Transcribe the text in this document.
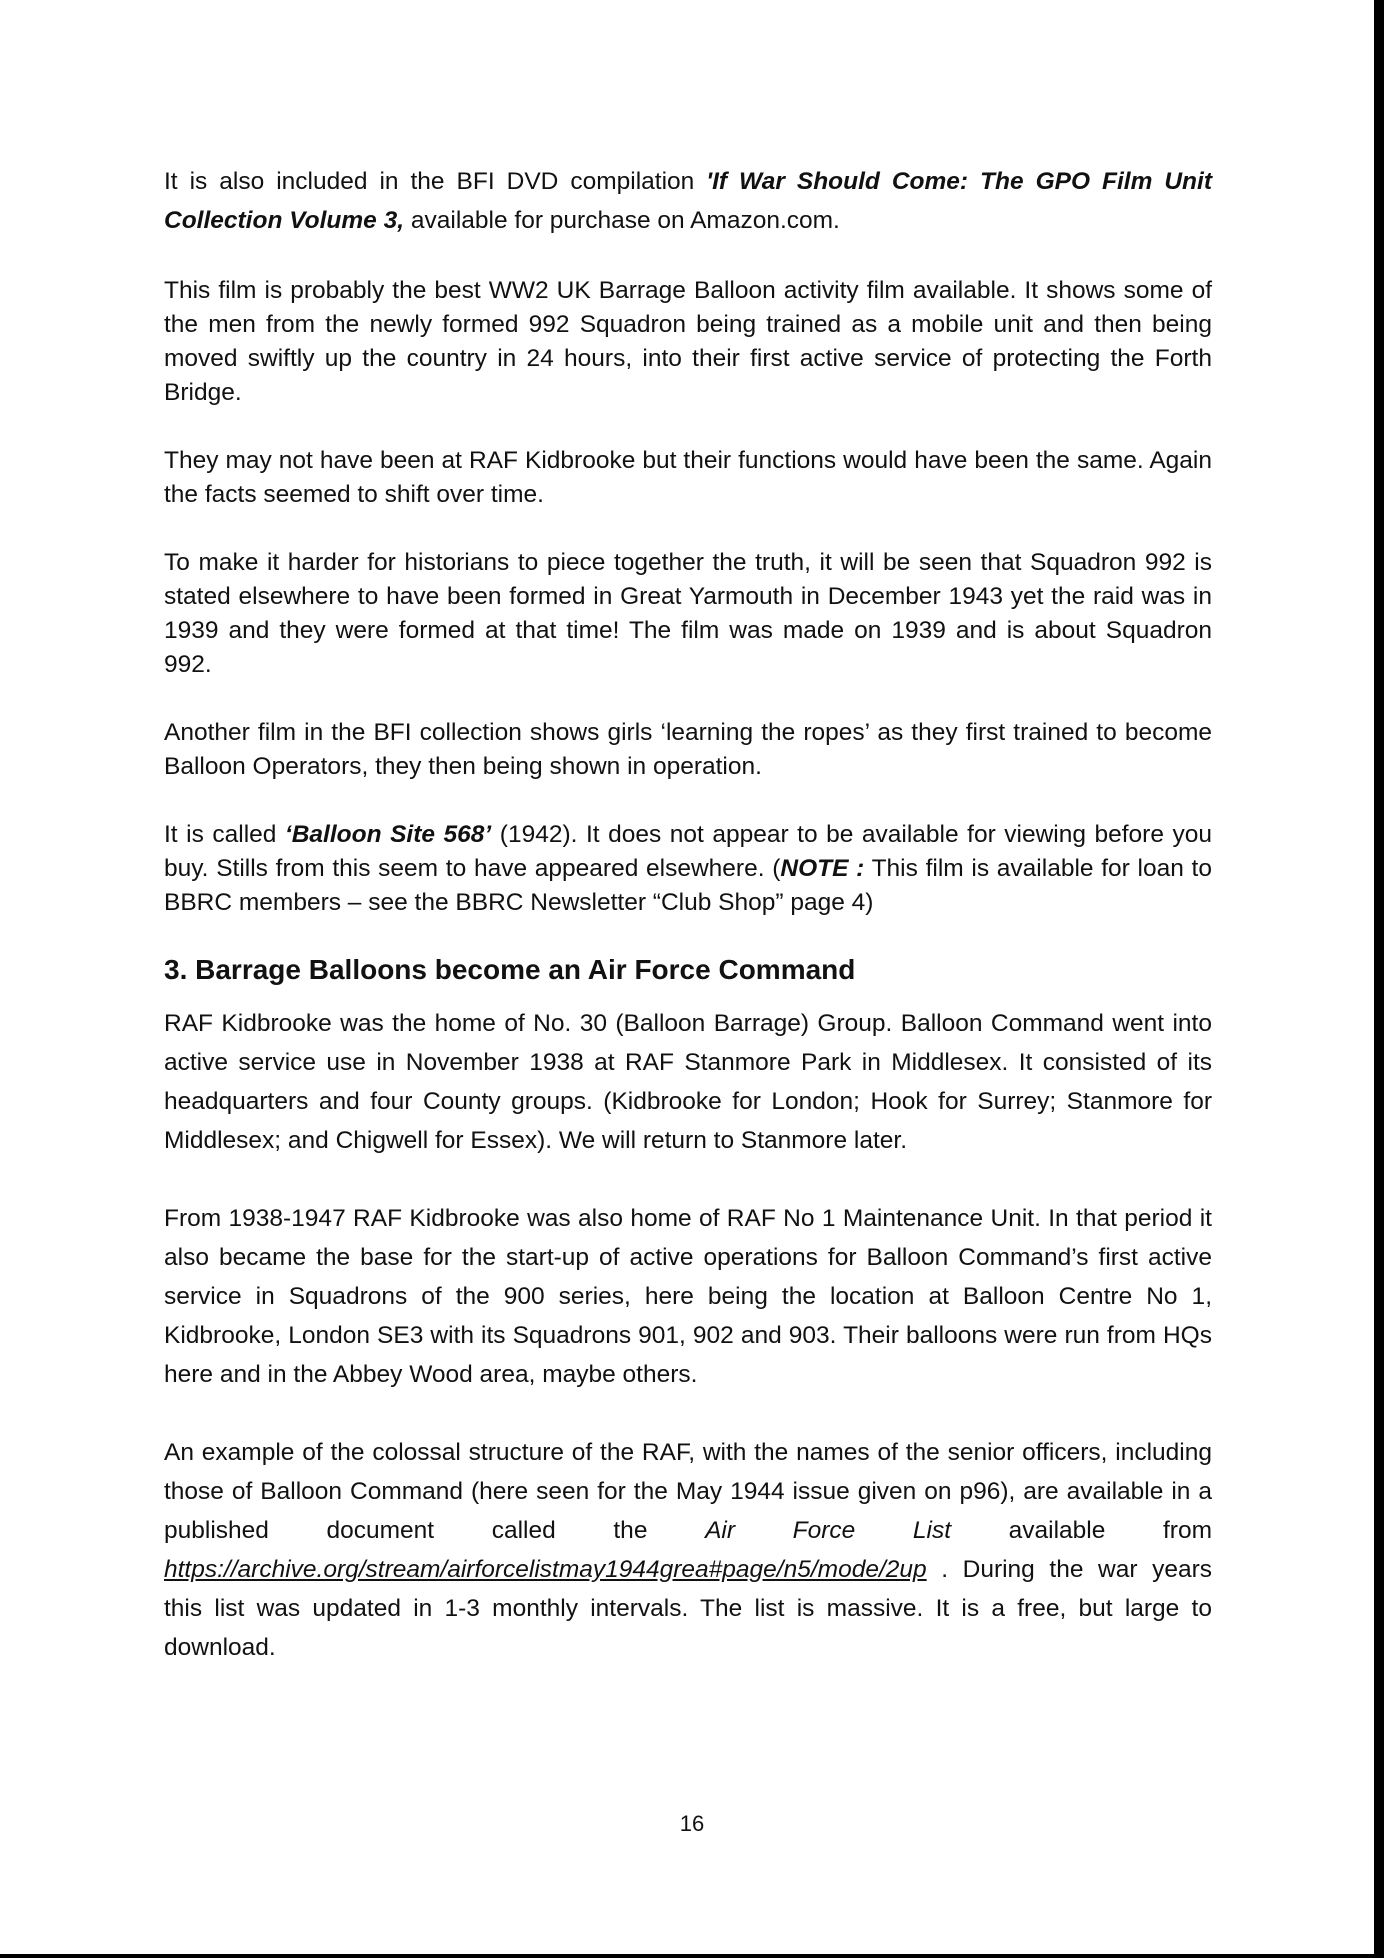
It is also included in the BFI DVD compilation 'If War Should Come: The GPO Film Unit Collection Volume 3, available for purchase on Amazon.com.

This film is probably the best WW2 UK Barrage Balloon activity film available. It shows some of the men from the newly formed 992 Squadron being trained as a mobile unit and then being moved swiftly up the country in 24 hours, into their first active service of protecting the Forth Bridge.

They may not have been at RAF Kidbrooke but their functions would have been the same. Again the facts seemed to shift over time.

To make it harder for historians to piece together the truth, it will be seen that Squadron 992 is stated elsewhere to have been formed in Great Yarmouth in December 1943 yet the raid was in 1939 and they were formed at that time! The film was made on 1939 and is about Squadron 992.

Another film in the BFI collection shows girls ‘learning the ropes’ as they first trained to become Balloon Operators, they then being shown in operation.

It is called ‘Balloon Site 568’ (1942). It does not appear to be available for viewing before you buy. Stills from this seem to have appeared elsewhere. (NOTE : This film is available for loan to BBRC members – see the BBRC Newsletter “Club Shop” page 4)

3. Barrage Balloons become an Air Force Command

RAF Kidbrooke was the home of No. 30 (Balloon Barrage) Group. Balloon Command went into active service use in November 1938 at RAF Stanmore Park in Middlesex. It consisted of its headquarters and four County groups. (Kidbrooke for London; Hook for Surrey; Stanmore for Middlesex; and Chigwell for Essex). We will return to Stanmore later.

From 1938-1947 RAF Kidbrooke was also home of RAF No 1 Maintenance Unit. In that period it also became the base for the start-up of active operations for Balloon Command’s first active service in Squadrons of the 900 series, here being the location at Balloon Centre No 1, Kidbrooke, London SE3 with its Squadrons 901, 902 and 903. Their balloons were run from HQs here and in the Abbey Wood area, maybe others.

An example of the colossal structure of the RAF, with the names of the senior officers, including those of Balloon Command (here seen for the May 1944 issue given on p96), are available in a published document called the Air Force List available from https://archive.org/stream/airforcelistmay1944grea#page/n5/mode/2up . During the war years this list was updated in 1-3 monthly intervals. The list is massive. It is a free, but large to download.

16
